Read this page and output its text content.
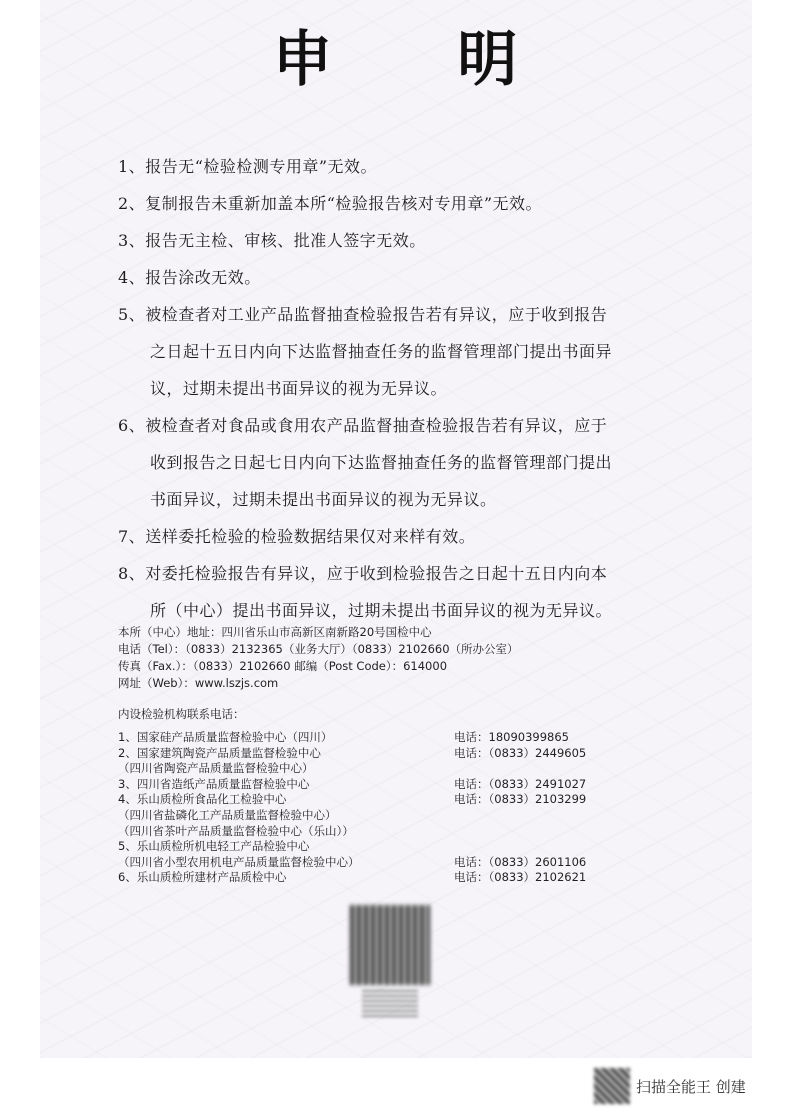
申 明
1、报告无“检验检测专用章”无效。
2、复制报告未重新加盖本所“检验报告核对专用章”无效。
3、报告无主检、审核、批准人签字无效。
4、报告涂改无效。
5、被检查者对工业产品监督抽查检验报告若有异议，应于收到报告
之日起十五日内向下达监督抽查任务的监督管理部门提出书面异
议，过期未提出书面异议的视为无异议。
6、被检查者对食品或食用农产品监督抽查检验报告若有异议，应于
收到报告之日起七日内向下达监督抽查任务的监督管理部门提出
书面异议，过期未提出书面异议的视为无异议。
7、送样委托检验的检验数据结果仅对来样有效。
8、对委托检验报告有异议，应于收到检验报告之日起十五日内向本
所（中心）提出书面异议，过期未提出书面异议的视为无异议。
本所（中心）地址：四川省乐山市高新区南新路20号国检中心
电话（Tel）：（0833）2132365（业务大厅）（0833）2102660（所办公室）
传真（Fax.）：（0833）2102660 邮编（Post Code）：614000
网址（Web）：www.lszjs.com
内设检验机构联系电话：
1、国家硅产品质量监督检验中心（四川）	电话：18090399865
2、国家建筑陶瓷产品质量监督检验中心	电话：（0833）2449605
（四川省陶瓷产品质量监督检验中心）
3、四川省造纸产品质量监督检验中心	电话：（0833）2491027
4、乐山质检所食品化工检验中心	电话：（0833）2103299
（四川省盐磷化工产品质量监督检验中心）
（四川省茶叶产品质量监督检验中心（乐山））
5、乐山质检所机电轻工产品检验中心
（四川省小型农用机电产品质量监督检验中心）	电话：（0833）2601106
6、乐山质检所建材产品质检中心	电话：（0833）2102621
扫描全能王 创建
